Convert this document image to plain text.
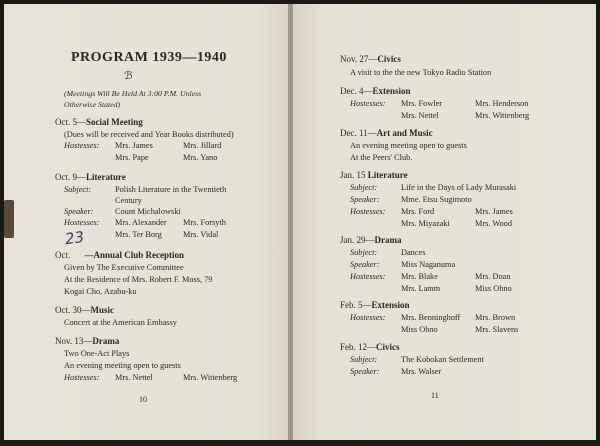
PROGRAM 1939—1940
ℬ
(Meetings Will Be Held At 3:00 P.M. Unless
Otherwise Stated)
Oct. 5—Social Meeting
(Dues will be received and Year Books distributed)
Hostesses: Mrs. James	Mrs. Jillard
Mrs. Pape	Mrs. Yano
Oct. 9—Literature
Subject:	Polish Literature in the Twentieth
Century
Speaker:	Count Michalowski
Hostesses: Mrs. Alexander Mrs. Forsyth
Mrs. Ter Borg	Mrs. Vidal
23
Oct. —Annual Club Reception
Given by The Executive Committee
At the Residence of Mrs. Robert F. Moss, 79
Kogai Cho, Azabu-ku
Oct. 30—Music
Concert at the American Embassy
Nov. 13—Drama
Two One-Act Plays
An evening meeting open to guests
Hostesses: Mrs. Nettel	Mrs. Wittenberg
10
Nov. 27—Civics
A visit to the the new Tokyo Radio Station
Dec. 4—Extension
Hostesses: Mrs. Fowler	Mrs. Henderson
Mrs. Nettel	Mrs. Wittenberg
Dec. 11—Art and Music
An evening meeting open to guests
At the Peers' Club.
Jan. 15 Literature
Subject:	Life in the Days of Lady Murasaki
Speaker:	Mme. Etsu Sugimoto
Hostesses: Mrs. Ford	Mrs. James
Mrs. Miyazaki	Mrs. Wood
Jan. 29—Drama
Subject:	Dances
Speaker:	Miss Naganuma
Hostesses: Mrs. Blake	Mrs. Doan
Mrs. Lamm	Miss Ohno
Feb. 5—Extension
Hostesses: Mrs. Benninghoff Mrs. Brown
Miss Ohno	Mrs. Slavens
Feb. 12—Civics
Subject:	The Kobokan Settlement
Speaker:	Mrs. Walser
11
